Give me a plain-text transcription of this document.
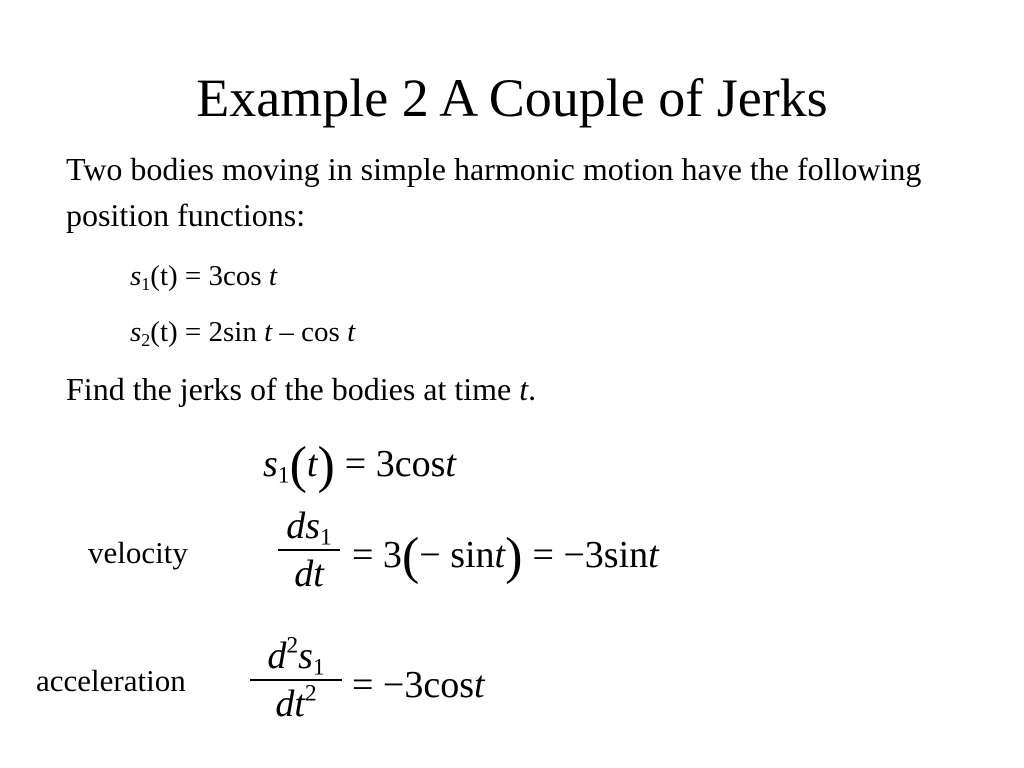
Example 2 A Couple of Jerks
Two bodies moving in simple harmonic motion have the following position functions:
$s_1(t) = 3\cos$ t
$s_2(t) = 2\sin$ t – cos t
Find the jerks of the bodies at time t.
$s_1(t) = 3\cos t$
velocity
$ds_1$
dt = 3(− sint) = −3sint
acceleration
$d^2s_1$
$dt^2 = -3\cos t$
